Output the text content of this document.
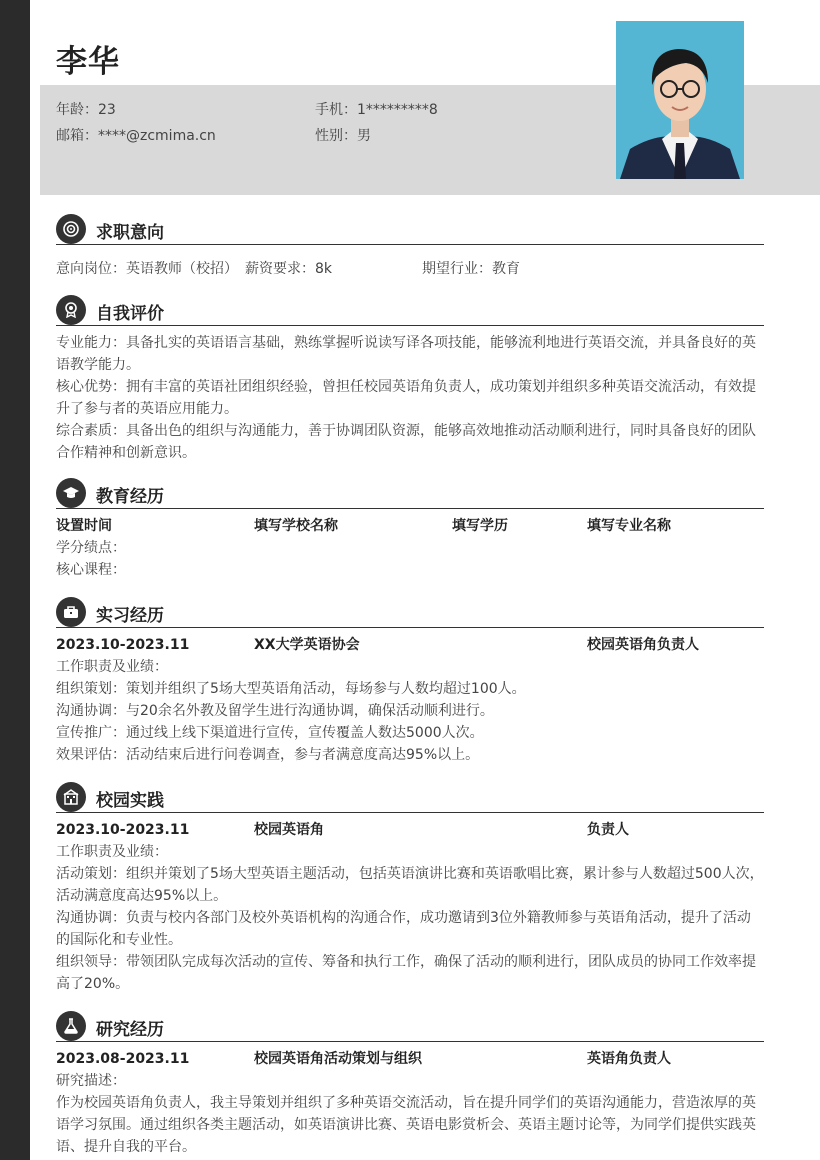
李华
年龄：23	手机：1*********8
邮箱：****@zcmima.cn	性别：男
求职意向
意向岗位：英语教师（校招） 薪资要求：8k	期望行业：教育
自我评价
专业能力：具备扎实的英语语言基础，熟练掌握听说读写译各项技能，能够流利地进行英语交流，并具备良好的英语教学能力。
核心优势：拥有丰富的英语社团组织经验，曾担任校园英语角负责人，成功策划并组织多种英语交流活动，有效提升了参与者的英语应用能力。
综合素质：具备出色的组织与沟通能力，善于协调团队资源，能够高效地推动活动顺利进行，同时具备良好的团队合作精神和创新意识。
教育经历
设置时间	填写学校名称	填写学历	填写专业名称
学分绩点：
核心课程：
实习经历
2023.10-2023.11	XX大学英语协会	校园英语角负责人
工作职责及业绩：
组织策划：策划并组织了5场大型英语角活动，每场参与人数均超过100人。
沟通协调：与20余名外教及留学生进行沟通协调，确保活动顺利进行。
宣传推广：通过线上线下渠道进行宣传，宣传覆盖人数达5000人次。
效果评估：活动结束后进行问卷调查，参与者满意度高达95%以上。
校园实践
2023.10-2023.11	校园英语角	负责人
工作职责及业绩：
活动策划：组织并策划了5场大型英语主题活动，包括英语演讲比赛和英语歌唱比赛，累计参与人数超过500人次，活动满意度高达95%以上。
沟通协调：负责与校内各部门及校外英语机构的沟通合作，成功邀请到3位外籍教师参与英语角活动，提升了活动的国际化和专业性。
组织领导：带领团队完成每次活动的宣传、筹备和执行工作，确保了活动的顺利进行，团队成员的协同工作效率提高了20%。
研究经历
2023.08-2023.11	校园英语角活动策划与组织	英语角负责人
研究描述：
作为校园英语角负责人，我主导策划并组织了多种英语交流活动，旨在提升同学们的英语沟通能力，营造浓厚的英语学习氛围。通过组织各类主题活动，如英语演讲比赛、英语电影赏析会、英语主题讨论等，为同学们提供实践英语、提升自我的平台。
